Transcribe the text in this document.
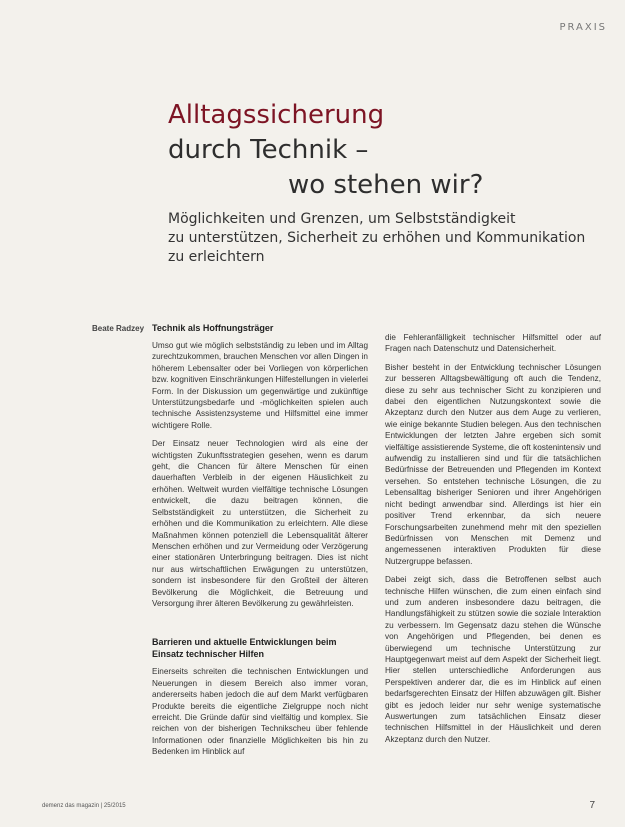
PRAXIS
Alltagssicherung
durch Technik –
wo stehen wir?
Möglichkeiten und Grenzen, um Selbstständigkeit
zu unterstützen, Sicherheit zu erhöhen und Kommunikation
zu erleichtern
Beate Radzey Technik als Hoffnungsträger

Umso gut wie möglich selbstständig zu leben und im Alltag zurechtzukommen, brauchen Menschen vor allen Dingen in höherem Lebensalter oder bei Vorliegen von körperlichen bzw. kognitiven Einschränkungen Hilfestellungen in vielerlei Form. In der Diskussion um gegenwärtige und zukünftige Unterstützungsbedarfe und -möglichkeiten spielen auch technische Assistenzsysteme und Hilfsmittel eine immer wichtigere Rolle.

Der Einsatz neuer Technologien wird als eine der wichtigsten Zukunftsstrategien gesehen, wenn es darum geht, die Chancen für ältere Menschen für einen dauerhaften Verbleib in der eigenen Häuslichkeit zu erhöhen. Weltweit wurden vielfältige technische Lösungen entwickelt, die dazu beitragen können, die Selbstständigkeit zu unterstützen, die Sicherheit zu erhöhen und die Kommunikation zu erleichtern. Alle diese Maßnahmen können potenziell die Lebensqualität älterer Menschen erhöhen und zur Vermeidung oder Verzögerung einer stationären Unterbringung beitragen. Dies ist nicht nur aus wirtschaftlichen Erwägungen zu unterstützen, sondern ist insbesondere für den Großteil der älteren Bevölkerung die Möglichkeit, die Betreuung und Versorgung ihrer älteren Bevölkerung zu gewährleisten.

Barrieren und aktuelle Entwicklungen beim Einsatz technischer Hilfen

Einerseits schreiten die technischen Entwicklungen und Neuerungen in diesem Bereich also immer voran, andererseits haben jedoch die auf dem Markt verfügbaren Produkte bereits die eigentliche Zielgruppe noch nicht erreicht. Die Gründe dafür sind vielfältig und komplex. Sie reichen von der bisherigen Technikscheu über fehlende Informationen oder finanzielle Möglichkeiten bis hin zu Bedenken im Hinblick auf

die Fehleranfälligkeit technischer Hilfsmittel oder auf Fragen nach Datenschutz und Datensicherheit.

Bisher besteht in der Entwicklung technischer Lösungen zur besseren Alltagsbewältigung oft auch die Tendenz, diese zu sehr aus technischer Sicht zu konzipieren und dabei den eigentlichen Nutzungskontext sowie die Akzeptanz durch den Nutzer aus dem Auge zu verlieren, wie einige bekannte Studien belegen. Aus den technischen Entwicklungen der letzten Jahre ergeben sich somit vielfältige assistierende Systeme, die oft kostenintensiv und aufwendig zu installieren sind und für die tatsächlichen Bedürfnisse der Betreuenden und Pflegenden im Kontext versehen. So entstehen technische Lösungen, die zu Lebensalltag bisheriger Senioren und ihrer Angehörigen nicht bedingt anwendbar sind. Allerdings ist hier ein positiver Trend erkennbar, da sich neuere Forschungsarbeiten zunehmend mehr mit den speziellen Bedürfnissen von Menschen mit Demenz und angemessenen interaktiven Produkten für diese Nutzergruppe befassen.

Dabei zeigt sich, dass die Betroffenen selbst auch technische Hilfen wünschen, die zum einen einfach sind und zum anderen insbesondere dazu beitragen, die Handlungsfähigkeit zu stützen sowie die soziale Interaktion zu verbessern. Im Gegensatz dazu stehen die Wünsche von Angehörigen und Pflegenden, bei denen es überwiegend um technische Unterstützung zur Hauptgegenwart meist auf dem Aspekt der Sicherheit liegt. Hier stellen unterschiedliche Anforderungen aus Perspektiven anderer dar, die es im Hinblick auf einen bedarfsgerechten Einsatz der Hilfen abzuwägen gilt. Bisher gibt es jedoch leider nur sehr wenige systematische Auswertungen zum tatsächlichen Einsatz dieser technischen Hilfsmittel in der Häuslichkeit und deren Akzeptanz durch den Nutzer.

demenz das magazin | 25/2015	7
